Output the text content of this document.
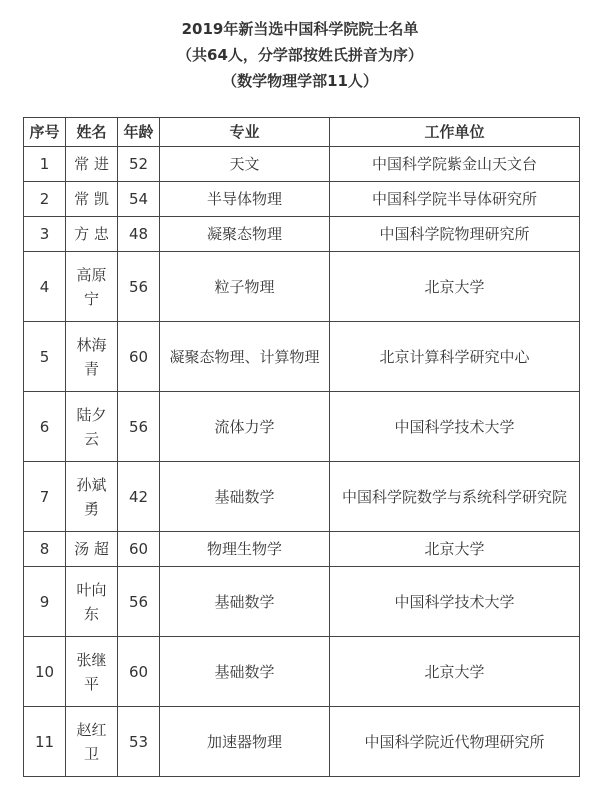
2019年新当选中国科学院院士名单
（共64人，分学部按姓氏拼音为序）
（数学物理学部11人）
序号	姓名	年龄	专业	工作单位
1	常 进	52	天文	中国科学院紫金山天文台
2	常 凯	54	半导体物理	中国科学院半导体研究所
3	方 忠	48	凝聚态物理	中国科学院物理研究所
4	高原宁	56	粒子物理	北京大学
5	林海青	60	凝聚态物理、计算物理	北京计算科学研究中心
6	陆夕云	56	流体力学	中国科学技术大学
7	孙斌勇	42	基础数学	中国科学院数学与系统科学研究院
8	汤 超	60	物理生物学	北京大学
9	叶向东	56	基础数学	中国科学技术大学
10	张继平	60	基础数学	北京大学
11	赵红卫	53	加速器物理	中国科学院近代物理研究所
